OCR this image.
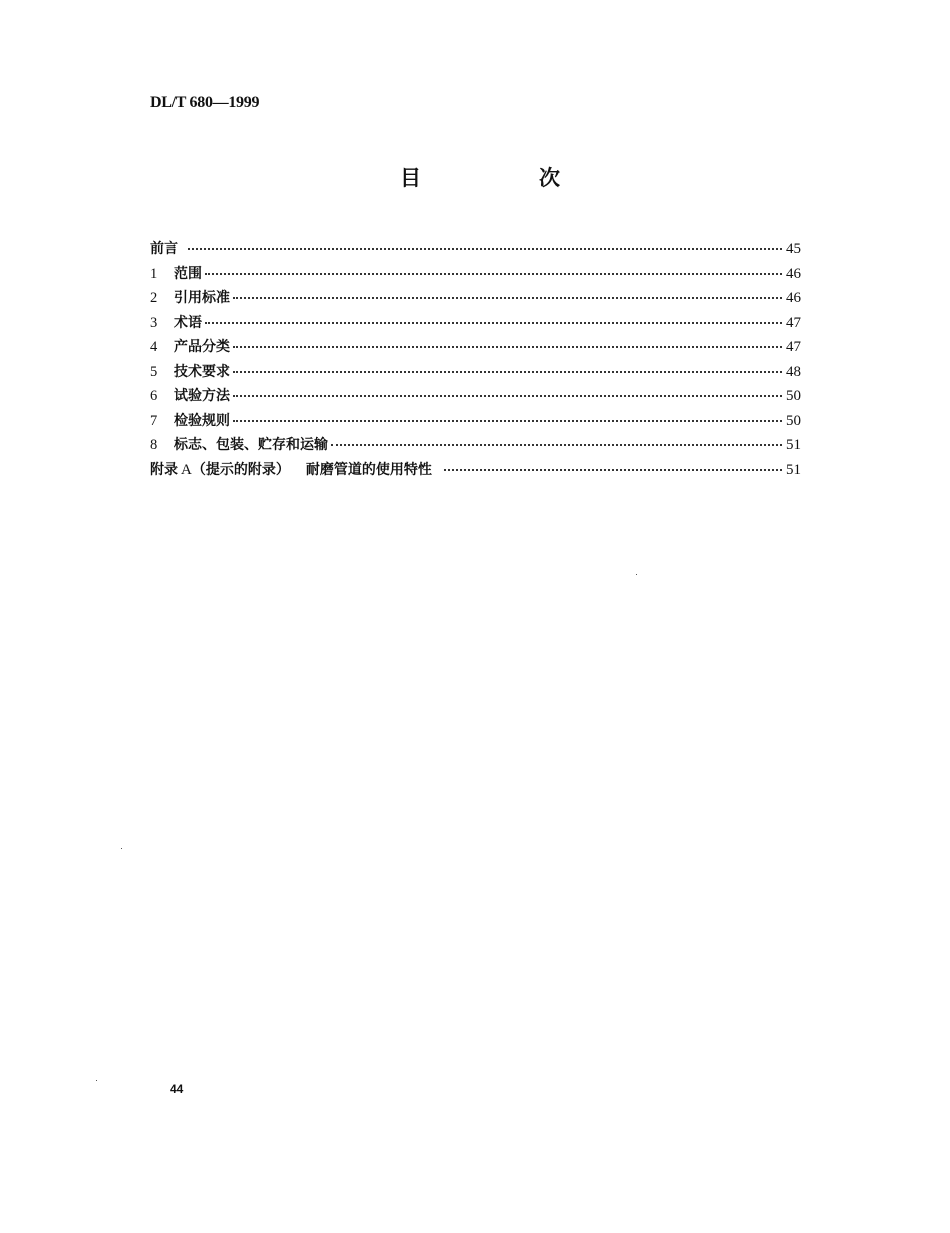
DL/T 680—1999
目	次
前言	45
1	范围	46
2	引用标准	46
3	术语	47
4	产品分类	47
5	技术要求	48
6	试验方法	50
7	检验规则	50
8	标志、包装、贮存和运输	51
附录 A （提示的附录） 耐磨管道的使用特性	51
44
